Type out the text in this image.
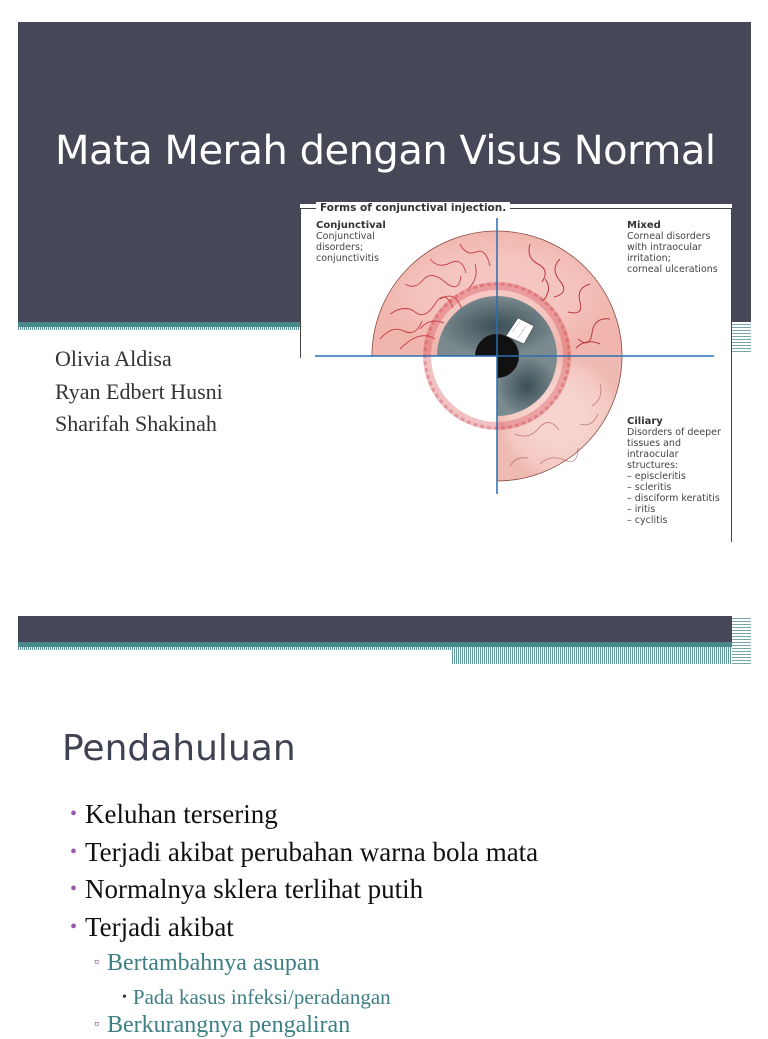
Mata Merah dengan Visus Normal
Olivia Aldisa
Ryan Edbert Husni
Sharifah Shakinah
Forms of conjunctival injection.
Conjunctival
Conjunctival
disorders;
conjunctivitis
Mixed
Corneal disorders
with intraocular
irritation;
corneal ulcerations
Ciliary
Disorders of deeper
tissues and intraocular
structures:
– episcleritis
– scleritis
– disciform keratitis
– iritis
– cyclitis
Pendahuluan
• Keluhan tersering
• Terjadi akibat perubahan warna bola mata
• Normalnya sklera terlihat putih
• Terjadi akibat
▫ Bertambahnya asupan
• Pada kasus infeksi/peradangan
▫ Berkurangnya pengaliran
